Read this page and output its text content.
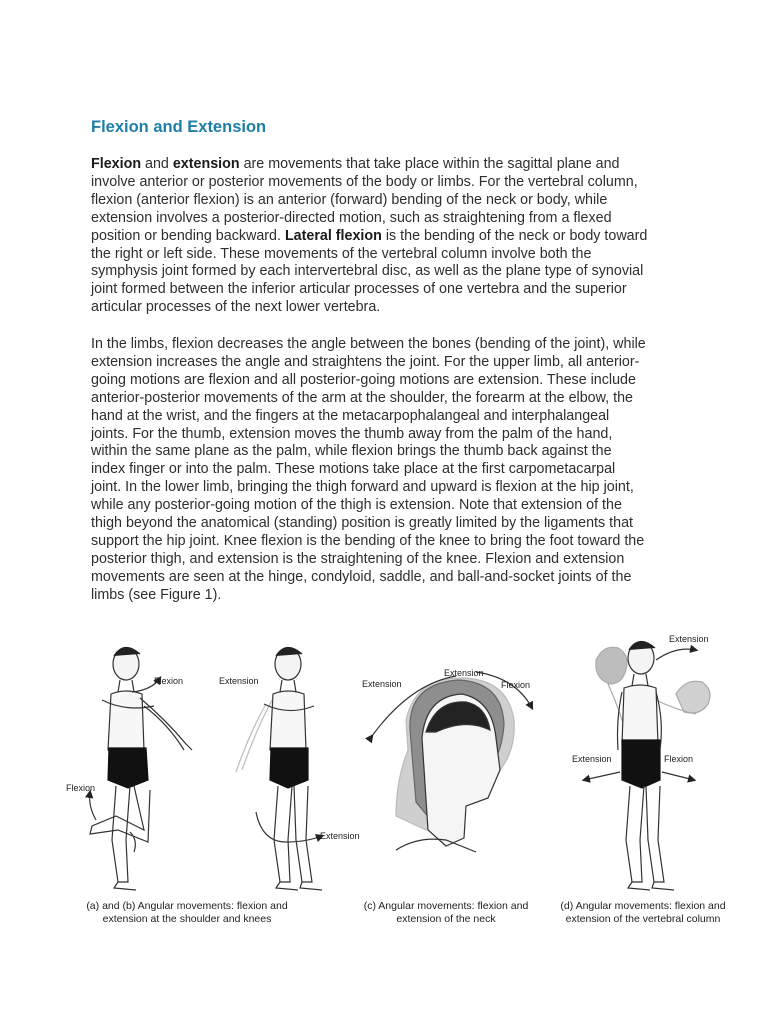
Flexion and Extension
Flexion and extension are movements that take place within the sagittal plane and
involve anterior or posterior movements of the body or limbs. For the vertebral column,
flexion (anterior flexion) is an anterior (forward) bending of the neck or body, while
extension involves a posterior-directed motion, such as straightening from a flexed
position or bending backward. Lateral flexion is the bending of the neck or body toward
the right or left side. These movements of the vertebral column involve both the
symphysis joint formed by each intervertebral disc, as well as the plane type of synovial
joint formed between the inferior articular processes of one vertebra and the superior
articular processes of the next lower vertebra.
In the limbs, flexion decreases the angle between the bones (bending of the joint), while
extension increases the angle and straightens the joint. For the upper limb, all anterior-
going motions are flexion and all posterior-going motions are extension. These include
anterior-posterior movements of the arm at the shoulder, the forearm at the elbow, the
hand at the wrist, and the fingers at the metacarpophalangeal and interphalangeal
joints. For the thumb, extension moves the thumb away from the palm of the hand,
within the same plane as the palm, while flexion brings the thumb back against the
index finger or into the palm. These motions take place at the first carpometacarpal
joint. In the lower limb, bringing the thigh forward and upward is flexion at the hip joint,
while any posterior-going motion of the thigh is extension. Note that extension of the
thigh beyond the anatomical (standing) position is greatly limited by the ligaments that
support the hip joint. Knee flexion is the bending of the knee to bring the foot toward the
posterior thigh, and extension is the straightening of the knee. Flexion and extension
movements are seen at the hinge, condyloid, saddle, and ball-and-socket joints of the
limbs (see Figure 1).
Flexion
Flexion
Extension
Extension
Extension
Extension
Flexion
Extension
Extension	Flexion
(a) and (b) Angular movements: flexion and
extension at the shoulder and knees
(c) Angular movements: flexion and
extension of the neck
(d) Angular movements: flexion and
extension of the vertebral column
